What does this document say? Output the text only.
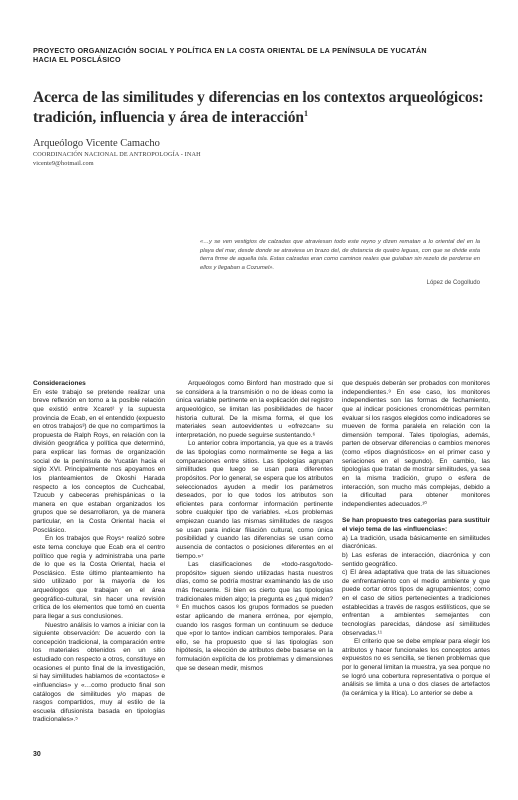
PROYECTO ORGANIZACIÓN SOCIAL Y POLÍTICA EN LA COSTA ORIENTAL DE LA PENÍNSULA DE YUCATÁN
HACIA EL POSCLÁSICO
Acerca de las similitudes y diferencias en los contextos arqueológicos:
tradición, influencia y área de interacción$^1$
Arqueólogo Vicente Camacho
COORDINACIÓN NACIONAL DE ANTROPOLOGÍA - INAH
vicente9@hotmail.com
«…y se ven vestigios de calzadas que atraviesan todo este reyno y dizen rematan a lo oriental del en la playa del mar, desde donde se atraviesa un brazo del, de distancia de quatro leguas, con que se divide esta tierra firme de aquella isla. Estas calzadas eran como caminos reales que guiaban sin rezelo de perderse en ellos y llegaban a Cozumel».
López de Cogolludo

Consideraciones

En este trabajo se pretende realizar una breve reflexión en torno a la posible relación que existió entre Xcaret² y la supuesta provincia de Ecab, en el entendido (expuesto en otros trabajos³) de que no compartimos la propuesta de Ralph Roys, en relación con la división geográfica y política que determinó, para explicar las formas de organización social de la península de Yucatán hacia el siglo XVI. Principalmente nos apoyamos en los planteamientos de Okoshi Harada respecto a los conceptos de Cuchcabal, Tzucub y cabeceras prehispánicas o la manera en que estaban organizados los grupos que se desarrollaron, ya de manera particular, en la Costa Oriental hacia el Posclásico.

En los trabajos que Roys⁴ realizó sobre este tema concluye que Ecab era el centro político que regía y administraba una parte de lo que es la Costa Oriental, hacia el Posclásico. Este último planteamiento ha sido utilizado por la mayoría de los arqueólogos que trabajan en el área geográfico-cultural, sin hacer una revisión crítica de los elementos que tomó en cuenta para llegar a sus conclusiones.

Nuestro análisis lo vamos a iniciar con la siguiente observación: De acuerdo con la concepción tradicional, la comparación entre los materiales obtenidos en un sitio estudiado con respecto a otros, constituye en ocasiones el punto final de la investigación, si hay similitudes hablamos de «contactos» e «influencias» y «…como producto final son catálogos de similitudes y/o mapas de rasgos compartidos, muy al estilo de la escuela difusionista basada en tipologías tradicionales».⁵

Arqueólogos como Binford han mostrado que si se considera a la transmisión o no de ideas como la única variable pertinente en la explicación del registro arqueológico, se limitan las posibilidades de hacer historia cultural. De la misma forma, el que los materiales sean autoevidentes u «ofrezcan» su interpretación, no puede seguirse sustentando.⁶

Lo anterior cobra importancia, ya que es a través de las tipologías como normalmente se llega a las comparaciones entre sitios. Las tipologías agrupan similitudes que luego se usan para diferentes propósitos. Por lo general, se espera que los atributos seleccionados ayuden a medir los parámetros deseados, por lo que todos los atributos son eficientes para conformar información pertinente sobre cualquier tipo de variables. «Los problemas empiezan cuando las mismas similitudes de rasgos se usan para indicar filiación cultural, como única posibilidad y cuando las diferencias se usan como ausencia de contactos o posiciones diferentes en el tiempo.»⁷

Las clasificaciones de «todo-rasgo/todo-propósito» siguen siendo utilizadas hasta nuestros días, como se podría mostrar examinando las de uso más frecuente. Si bien es cierto que las tipologías tradicionales miden algo; la pregunta es ¿qué miden?⁸ En muchos casos los grupos formados se pueden estar aplicando de manera errónea, por ejemplo, cuando los rasgos forman un continuum se deduce que «por lo tanto» indican cambios temporales. Para ello, se ha propuesto que si las tipologías son hipótesis, la elección de atributos debe basarse en la formulación explícita de los problemas y dimensiones que se desean medir, mismos

que después deberán ser probados con monitores independientes.⁹ En ese caso, los monitores independientes son las formas de fechamiento, que al indicar posiciones cronométricas permiten evaluar si los rasgos elegidos como indicadores se mueven de forma paralela en relación con la dimensión temporal. Tales tipologías, además, parten de observar diferencias o cambios menores (como «tipos diagnósticos» en el primer caso y seriaciones en el segundo). En cambio, las tipologías que tratan de mostrar similitudes, ya sea en la misma tradición, grupo o esfera de interacción, son mucho más complejas, debido a la dificultad para obtener monitores independientes adecuados.¹⁰

Se han propuesto tres categorías para sustituir el viejo tema de las «influencias»:

a) La tradición, usada básicamente en similitudes diacrónicas.

b) Las esferas de interacción, diacrónica y con sentido geográfico.

c) El área adaptativa que trata de las situaciones de enfrentamiento con el medio ambiente y que puede cortar otros tipos de agrupamientos; como en el caso de sitios pertenecientes a tradiciones establecidas a través de rasgos estilísticos, que se enfrentan a ambientes semejantes con tecnologías parecidas, dándose así similitudes observadas.¹¹

El criterio que se debe emplear para elegir los atributos y hacer funcionales los conceptos antes expuestos no es sencilla, se tienen problemas que por lo general limitan la muestra, ya sea porque no se logró una cobertura representativa o porque el análisis se limita a una o dos clases de artefactos (la cerámica y la lítica). Lo anterior se debe a

30
